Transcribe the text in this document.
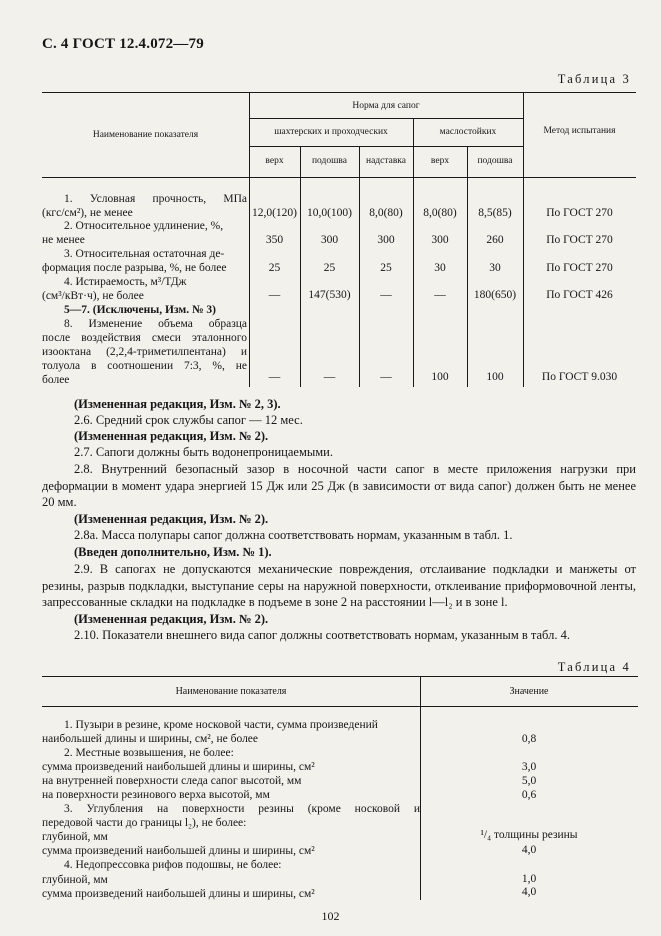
С. 4 ГОСТ 12.4.072—79
Таблица 3
Наименование показателя
Норма для сапог
шахтерских и проходческих	маслостойких	Метод испытания
верх	подошва	надставка	верх	подошва
1. Условная прочность, МПа
(кгс/см²), не менее	12,0(120) 10,0(100)	8,0(80)	8,0(80)	8,5(85)	По ГОСТ 270
2. Относительное удлинение, %,
не менее	350	300	300	300	260	По ГОСТ 270
3. Относительная остаточная де-
формация после разрыва, %, не более	25	25	25	30	30	По ГОСТ 270
4. Истираемость, м³/ТДж
(см³/кВт·ч), не более	—	147(530)	—	—	180(650)	По ГОСТ 426
5—7. (Исключены, Изм. № 3)
8. Изменение объема образца
после воздействия смеси эталонного
изооктана (2,2,4-триметилпентана) и
толуола в соотношении 7:3, %, не
более	—	—	—	100	100	По ГОСТ 9.030
(Измененная редакция, Изм. № 2, 3).
2.6. Средний срок службы сапог — 12 мес.
(Измененная редакция, Изм. № 2).
2.7. Сапоги должны быть водонепроницаемыми.
2.8. Внутренний безопасный зазор в носочной части сапог в месте приложения нагрузки при деформации в момент удара энергией 15 Дж или 25 Дж (в зависимости от вида сапог) должен быть не менее 20 мм.
(Измененная редакция, Изм. № 2).
2.8а. Масса полупары сапог должна соответствовать нормам, указанным в табл. 1.
(Введен дополнительно, Изм. № 1).
2.9. В сапогах не допускаются механические повреждения, отслаивание подкладки и манжеты от резины, разрыв подкладки, выступание серы на наружной поверхности, отклеивание приформовочной ленты, запрессованные складки на подкладке в подъеме в зоне 2 на расстоянии l—l₂ и в зоне l.
(Измененная редакция, Изм. № 2).
2.10. Показатели внешнего вида сапог должны соответствовать нормам, указанным в табл. 4.
Таблица 4
Наименование показателя	Значение
1. Пузыри в резине, кроме носковой части, сумма произведений
наибольшей длины и ширины, см², не более	0,8
2. Местные возвышения, не более:
сумма произведений наибольшей длины и ширины, см²	3,0
на внутренней поверхности следа сапог высотой, мм	5,0
на поверхности резинового верха высотой, мм	0,6
3. Углубления на поверхности резины (кроме носковой и
передовой части до границы l₂), не более:
глубиной, мм	¹/₄ толщины резины
сумма произведений наибольшей длины и ширины, см²	4,0
4. Недопрессовка рифов подошвы, не более:
глубиной, мм	1,0
сумма произведений наибольшей длины и ширины, см²	4,0
102
